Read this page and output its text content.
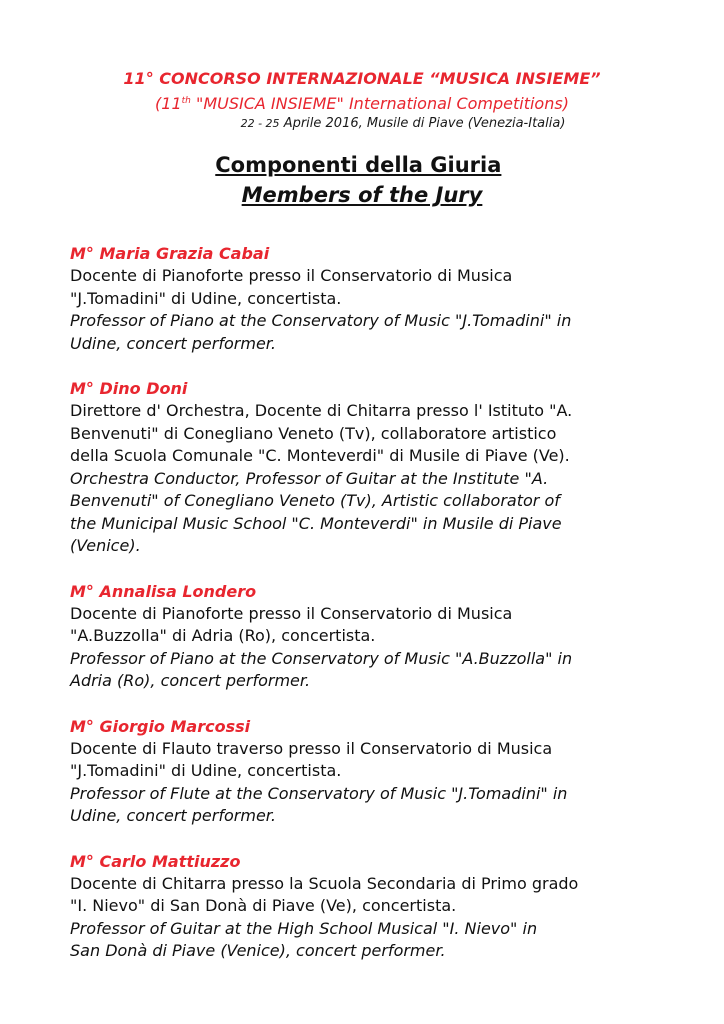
11° CONCORSO INTERNAZIONALE “MUSICA INSIEME”
(11th "MUSICA INSIEME" International Competitions)
22 - 25 Aprile 2016, Musile di Piave (Venezia-Italia)
Componenti della Giuria
Members of the Jury
M° Maria Grazia Cabai
Docente di Pianoforte presso il Conservatorio di Musica
"J.Tomadini" di Udine, concertista.
Professor of Piano at the Conservatory of Music "J.Tomadini" in
Udine, concert performer.
M° Dino Doni
Direttore d' Orchestra, Docente di Chitarra presso l' Istituto "A.
Benvenuti" di Conegliano Veneto (Tv), collaboratore artistico
della Scuola Comunale "C. Monteverdi" di Musile di Piave (Ve).
Orchestra Conductor, Professor of Guitar at the Institute "A.
Benvenuti" of Conegliano Veneto (Tv), Artistic collaborator of
the Municipal Music School "C. Monteverdi" in Musile di Piave
(Venice).
M° Annalisa Londero
Docente di Pianoforte presso il Conservatorio di Musica
"A.Buzzolla" di Adria (Ro), concertista.
Professor of Piano at the Conservatory of Music "A.Buzzolla" in
Adria (Ro), concert performer.
M° Giorgio Marcossi
Docente di Flauto traverso presso il Conservatorio di Musica
"J.Tomadini" di Udine, concertista.
Professor of Flute at the Conservatory of Music "J.Tomadini" in
Udine, concert performer.
M° Carlo Mattiuzzo
Docente di Chitarra presso la Scuola Secondaria di Primo grado
"I. Nievo" di San Donà di Piave (Ve), concertista.
Professor of Guitar at the High School Musical "I. Nievo" in
San Donà di Piave (Venice), concert performer.
